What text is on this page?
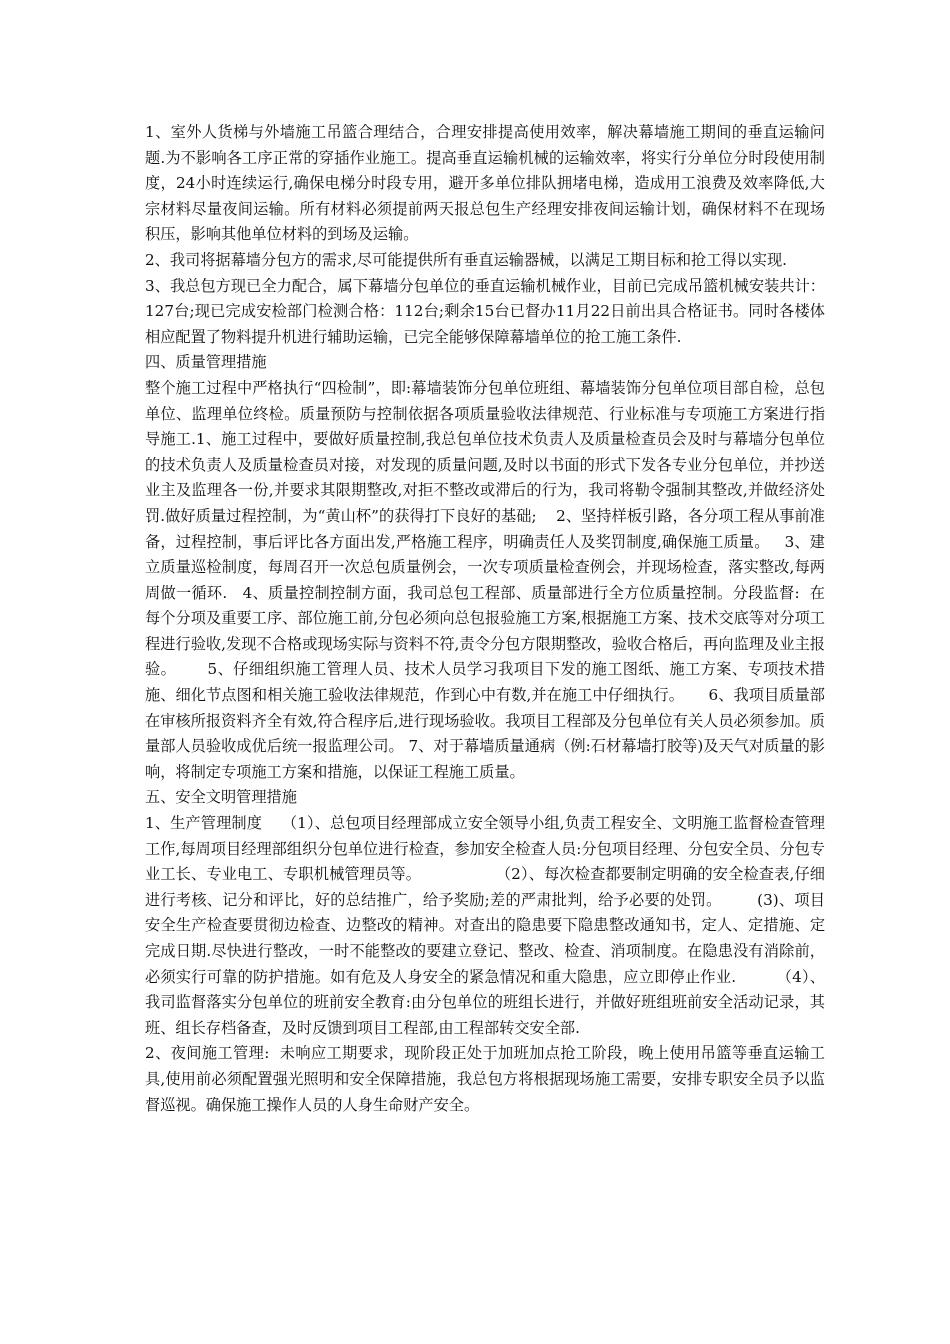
1、室外人货梯与外墙施工吊篮合理结合，合理安排提高使用效率，解决幕墙施工期间的垂直运输问题.为不影响各工序正常的穿插作业施工。提高垂直运输机械的运输效率，将实行分单位分时段使用制度，24小时连续运行,确保电梯分时段专用，避开多单位排队拥堵电梯，造成用工浪费及效率降低,大宗材料尽量夜间运输。所有材料必须提前两天报总包生产经理安排夜间运输计划，确保材料不在现场积压，影响其他单位材料的到场及运输。

2、我司将据幕墙分包方的需求,尽可能提供所有垂直运输器械，以满足工期目标和抢工得以实现.

3、我总包方现已全力配合，属下幕墙分包单位的垂直运输机械作业，目前已完成吊篮机械安装共计：127台;现已完成安检部门检测合格：112台;剩余15台已督办11月22日前出具合格证书。同时各楼体相应配置了物料提升机进行辅助运输，已完全能够保障幕墙单位的抢工施工条件.

四、质量管理措施

整个施工过程中严格执行“四检制”，即:幕墙装饰分包单位班组、幕墙装饰分包单位项目部自检，总包单位、监理单位终检。质量预防与控制依据各项质量验收法律规范、行业标准与专项施工方案进行指导施工.1、施工过程中，要做好质量控制,我总包单位技术负责人及质量检查员会及时与幕墙分包单位的技术负责人及质量检查员对接，对发现的质量问题,及时以书面的形式下发各专业分包单位，并抄送业主及监理各一份,并要求其限期整改,对拒不整改或滞后的行为，我司将勒令强制其整改,并做经济处罚.做好质量过程控制，为“黄山杯”的获得打下良好的基础;    2、坚持样板引路，各分项工程从事前准备，过程控制，事后评比各方面出发,严格施工程序，明确责任人及奖罚制度,确保施工质量。   3、建立质量巡检制度，每周召开一次总包质量例会，一次专项质量检查例会，并现场检查，落实整改,每两周做一循环.   4、质量控制控制方面，我司总包工程部、质量部进行全方位质量控制。分段监督:  在每个分项及重要工序、部位施工前,分包必须向总包报验施工方案,根据施工方案、技术交底等对分项工程进行验收,发现不合格或现场实际与资料不符,责令分包方限期整改，验收合格后，再向监理及业主报验。      5、仔细组织施工管理人员、技术人员学习我项目下发的施工图纸、施工方案、专项技术措施、细化节点图和相关施工验收法律规范，作到心中有数,并在施工中仔细执行。     6、我项目质量部在审核所报资料齐全有效,符合程序后,进行现场验收。我项目工程部及分包单位有关人员必须参加。质量部人员验收成优后统一报监理公司。 7、对于幕墙质量通病（例:石材幕墙打胶等)及天气对质量的影响，将制定专项施工方案和措施，以保证工程施工质量。

五、安全文明管理措施

1、生产管理制度    （1）、总包项目经理部成立安全领导小组,负责工程安全、文明施工监督检查管理工作,每周项目经理部组织分包单位进行检查，参加安全检查人员:分包项目经理、分包安全员、分包专业工长、专业电工、专职机械管理员等。               （2）、每次检查都要制定明确的安全检查表,仔细进行考核、记分和评比，好的总结推广，给予奖励;差的严肃批判，给予必要的处罚。       (3)、项目安全生产检查要贯彻边检查、边整改的精神。对查出的隐患要下隐患整改通知书，定人、定措施、定完成日期.尽快进行整改，一时不能整改的要建立登记、整改、检查、消项制度。在隐患没有消除前，必须实行可靠的防护措施。如有危及人身安全的紧急情况和重大隐患，应立即停止作业.        （4）、我司监督落实分包单位的班前安全教育:由分包单位的班组长进行，并做好班组班前安全活动记录，其班、组长存档备查，及时反馈到项目工程部,由工程部转交安全部.

2、夜间施工管理:  未响应工期要求，现阶段正处于加班加点抢工阶段，晚上使用吊篮等垂直运输工具,使用前必须配置强光照明和安全保障措施，我总包方将根据现场施工需要，安排专职安全员予以监督巡视。确保施工操作人员的人身生命财产安全。
